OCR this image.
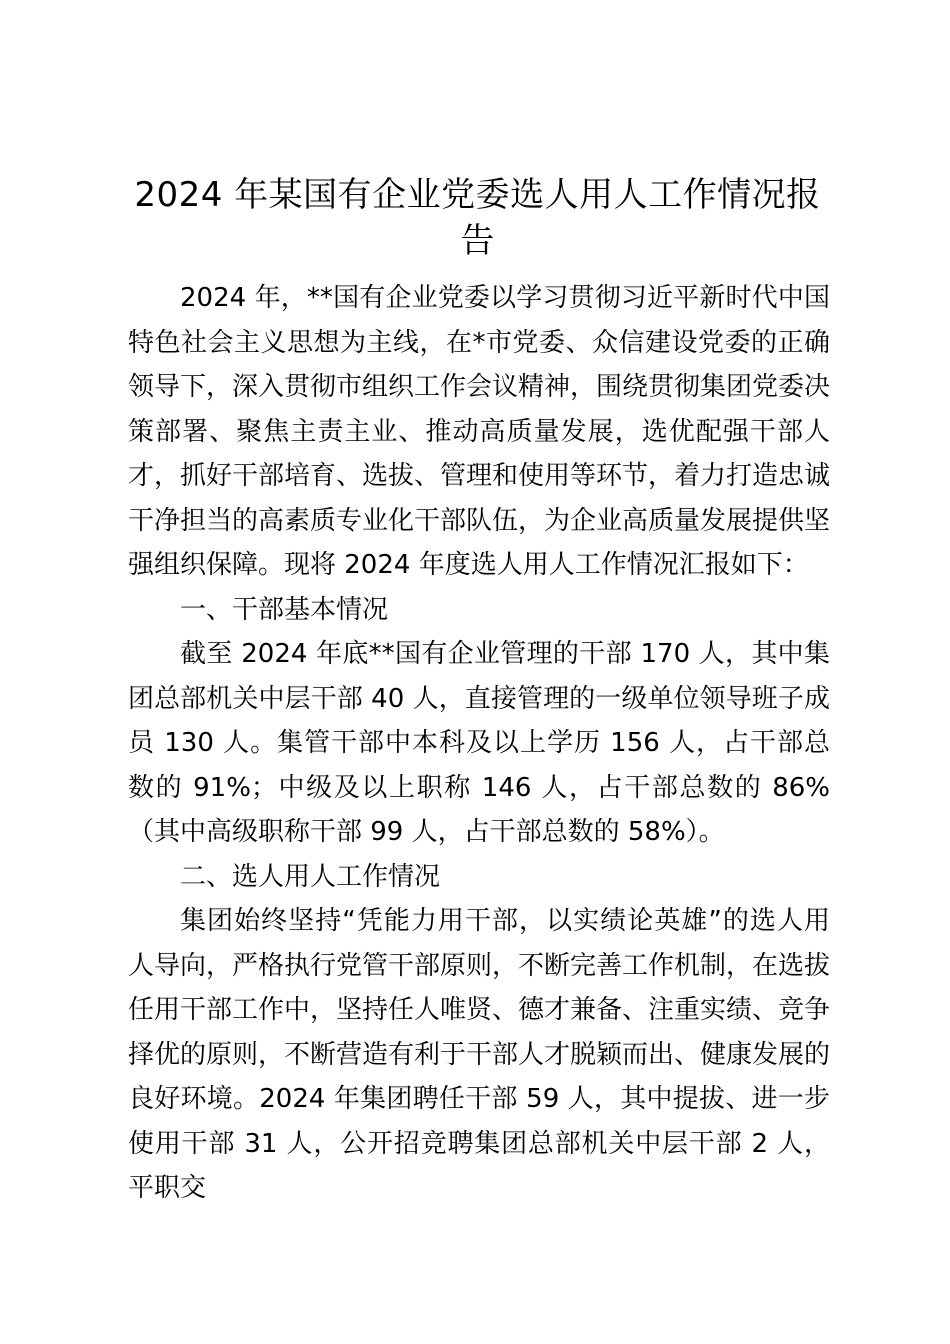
2024 年某国有企业党委选人用人工作情况报告

2024 年，**国有企业党委以学习贯彻习近平新时代中国特色社会主义思想为主线，在*市党委、众信建设党委的正确领导下，深入贯彻市组织工作会议精神，围绕贯彻集团党委决策部署、聚焦主责主业、推动高质量发展，选优配强干部人才，抓好干部培育、选拔、管理和使用等环节，着力打造忠诚干净担当的高素质专业化干部队伍，为企业高质量发展提供坚强组织保障。现将 2024 年度选人用人工作情况汇报如下：

一、干部基本情况

截至 2024 年底**国有企业管理的干部 170 人，其中集团总部机关中层干部 40 人，直接管理的一级单位领导班子成员 130 人。集管干部中本科及以上学历 156 人，占干部总数的 91%；中级及以上职称 146 人，占干部总数的 86%（其中高级职称干部 99 人，占干部总数的 58%）。

二、选人用人工作情况

集团始终坚持“凭能力用干部，以实绩论英雄”的选人用人导向，严格执行党管干部原则，不断完善工作机制，在选拔任用干部工作中，坚持任人唯贤、德才兼备、注重实绩、竞争择优的原则，不断营造有利于干部人才脱颖而出、健康发展的良好环境。2024 年集团聘任干部 59 人，其中提拔、进一步使用干部 31 人，公开招竞聘集团总部机关中层干部 2 人，平职交
